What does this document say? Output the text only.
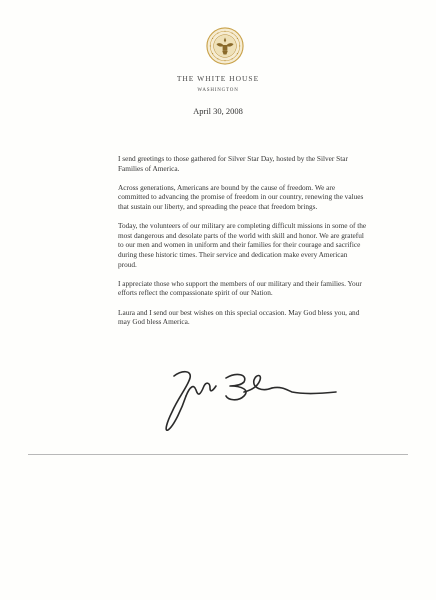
THE WHITE HOUSE
WASHINGTON
April 30, 2008

I send greetings to those gathered for Silver Star Day, hosted by the Silver Star Families of America.

Across generations, Americans are bound by the cause of freedom. We are committed to advancing the promise of freedom in our country, renewing the values that sustain our liberty, and spreading the peace that freedom brings.

Today, the volunteers of our military are completing difficult missions in some of the most dangerous and desolate parts of the world with skill and honor. We are grateful to our men and women in uniform and their families for their courage and sacrifice during these historic times. Their service and dedication make every American proud.

I appreciate those who support the members of our military and their families. Your efforts reflect the compassionate spirit of our Nation.

Laura and I send our best wishes on this special occasion. May God bless you, and may God bless America.
